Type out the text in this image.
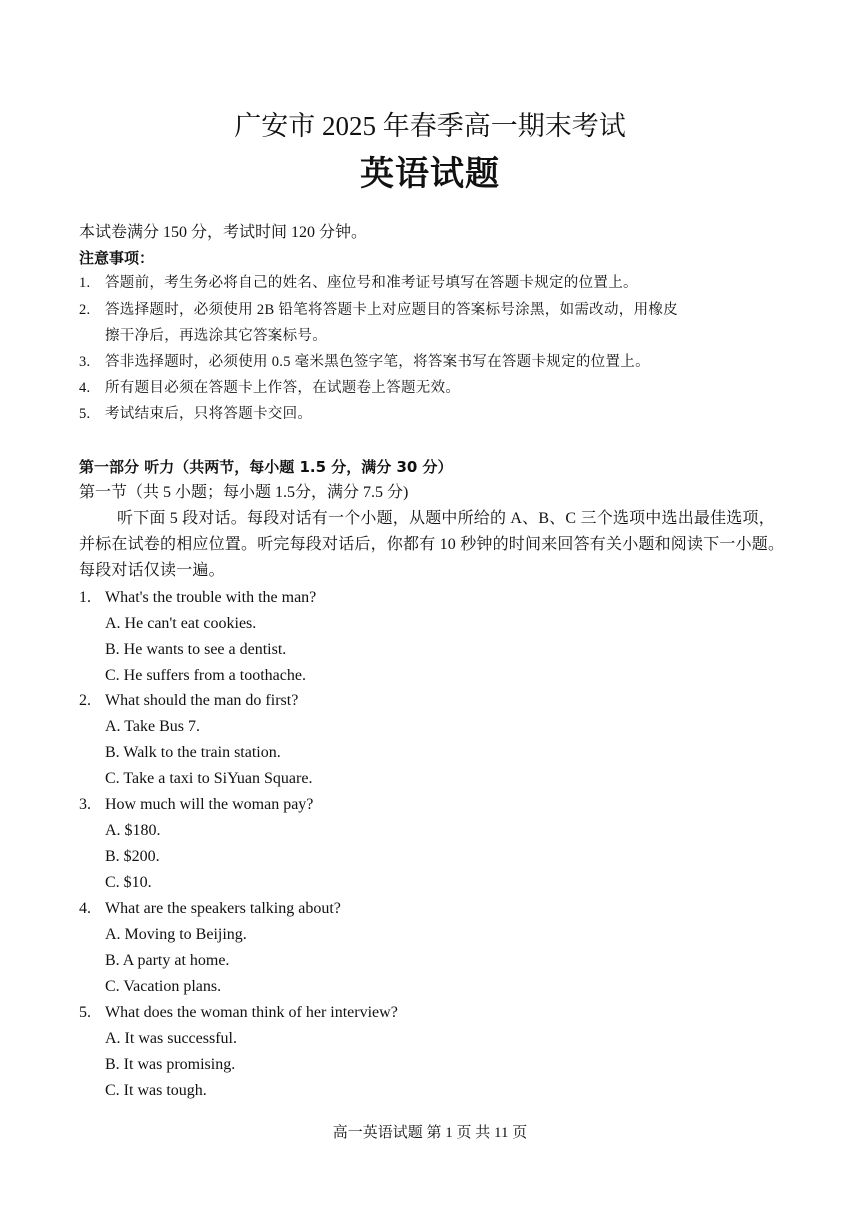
广安市 2025 年春季高一期末考试
英语试题
本试卷满分 150 分，考试时间 120 分钟。
注意事项：
1. 答题前，考生务必将自己的姓名、座位号和准考证号填写在答题卡规定的位置上。
2. 答选择题时，必须使用 2B 铅笔将答题卡上对应题目的答案标号涂黑，如需改动，用橡皮
擦干净后，再选涂其它答案标号。
3. 答非选择题时，必须使用 0.5 毫米黑色签字笔，将答案书写在答题卡规定的位置上。
4. 所有题目必须在答题卡上作答，在试题卷上答题无效。
5. 考试结束后，只将答题卡交回。
第一部分 听力（共两节，每小题 1.5 分，满分 30 分）
第一节（共 5 小题；每小题 1.5分，满分 7.5 分)
听下面 5 段对话。每段对话有一个小题，从题中所给的 A、B、C 三个选项中选出最佳选项，并标在试卷的相应位置。听完每段对话后，你都有 10 秒钟的时间来回答有关小题和阅读下一小题。每段对话仅读一遍。
1. What's the trouble with the man?
A. He can't eat cookies.
B. He wants to see a dentist.
C. He suffers from a toothache.
2. What should the man do first?
A. Take Bus 7.
B. Walk to the train station.
C. Take a taxi to SiYuan Square.
3. How much will the woman pay?
A. $180.
B. $200.
C. $10.
4. What are the speakers talking about?
A. Moving to Beijing.
B. A party at home.
C. Vacation plans.
5. What does the woman think of her interview?
A. It was successful.
B. It was promising.
C. It was tough.
高一英语试题 第 1 页 共 11 页
